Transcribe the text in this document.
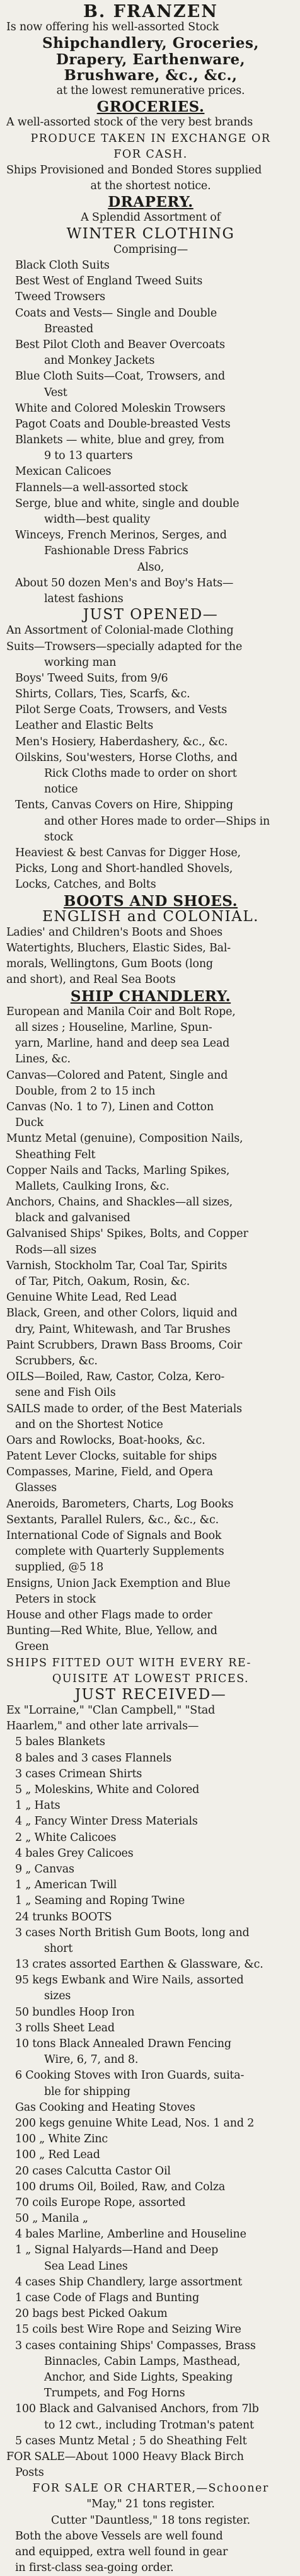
B. FRANZEN
Is now offering his well-assorted Stock
Shipchandlery, Groceries,
Drapery, Earthenware,
Brushware, &c., &c.,
at the lowest remunerative prices.
GROCERIES.
A well-assorted stock of the very best brands
PRODUCE TAKEN IN EXCHANGE OR
FOR CASH.
Ships Provisioned and Bonded Stores supplied
at the shortest notice.
DRAPERY.
A Splendid Assortment of
WINTER CLOTHING
Comprising—
Black Cloth Suits
Best West of England Tweed Suits
Tweed Trowsers
Coats and Vests— Single and Double
Breasted
Best Pilot Cloth and Beaver Overcoats
and Monkey Jackets
Blue Cloth Suits—Coat, Trowsers, and
Vest
White and Colored Moleskin Trowsers
Pagot Coats and Double-breasted Vests
Blankets — white, blue and grey, from
9 to 13 quarters
Mexican Calicoes
Flannels—a well-assorted stock
Serge, blue and white, single and double
width—best quality
Winceys, French Merinos, Serges, and
Fashionable Dress Fabrics
Also,
About 50 dozen Men's and Boy's Hats—
latest fashions
JUST OPENED—
An Assortment of Colonial-made Clothing
Suits—Trowsers—specially adapted for the
working man
Boys' Tweed Suits, from 9/6
Shirts, Collars, Ties, Scarfs, &c.
Pilot Serge Coats, Trowsers, and Vests
Leather and Elastic Belts
Men's Hosiery, Haberdashery, &c., &c.
Oilskins, Sou'westers, Horse Cloths, and
Rick Cloths made to order on short
notice
Tents, Canvas Covers on Hire, Shipping
and other Hores made to order—Ships in
stock
Heaviest & best Canvas for Digger Hose,
Picks, Long and Short-handled Shovels,
Locks, Catches, and Bolts
BOOTS AND SHOES.
ENGLISH and COLONIAL.
Ladies' and Children's Boots and Shoes
Watertights, Bluchers, Elastic Sides, Bal-
morals, Wellingtons, Gum Boots (long
and short), and Real Sea Boots
SHIP CHANDLERY.
European and Manila Coir and Bolt Rope,
all sizes ; Houseline, Marline, Spun-
yarn, Marline, hand and deep sea Lead
Lines, &c.
Canvas—Colored and Patent, Single and
Double, from 2 to 15 inch
Canvas (No. 1 to 7), Linen and Cotton
Duck
Muntz Metal (genuine), Composition Nails,
Sheathing Felt
Copper Nails and Tacks, Marling Spikes,
Mallets, Caulking Irons, &c.
Anchors, Chains, and Shackles—all sizes,
black and galvanised
Galvanised Ships' Spikes, Bolts, and Copper
Rods—all sizes
Varnish, Stockholm Tar, Coal Tar, Spirits
of Tar, Pitch, Oakum, Rosin, &c.
Genuine White Lead, Red Lead
Black, Green, and other Colors, liquid and
dry, Paint, Whitewash, and Tar Brushes
Paint Scrubbers, Drawn Bass Brooms, Coir
Scrubbers, &c.
OILS—Boiled, Raw, Castor, Colza, Kero-
sene and Fish Oils
SAILS made to order, of the Best Materials
and on the Shortest Notice
Oars and Rowlocks, Boat-hooks, &c.
Patent Lever Clocks, suitable for ships
Compasses, Marine, Field, and Opera
Glasses
Aneroids, Barometers, Charts, Log Books
Sextants, Parallel Rulers, &c., &c., &c.
International Code of Signals and Book
complete with Quarterly Supplements
supplied, @5 18
Ensigns, Union Jack Exemption and Blue
Peters in stock
House and other Flags made to order
Bunting—Red White, Blue, Yellow, and
Green
SHIPS FITTED OUT WITH EVERY RE-
QUISITE AT LOWEST PRICES.
JUST RECEIVED—
Ex "Lorraine," "Clan Campbell," "Stad
Haarlem," and other late arrivals—
5 bales Blankets
8 bales and 3 cases Flannels
3 cases Crimean Shirts
5 „ Moleskins, White and Colored
1 „ Hats
4 „ Fancy Winter Dress Materials
2 „ White Calicoes
4 bales Grey Calicoes
9 „ Canvas
1 „ American Twill
1 „ Seaming and Roping Twine
24 trunks BOOTS
3 cases North British Gum Boots, long and
short
13 crates assorted Earthen & Glassware, &c.
95 kegs Ewbank and Wire Nails, assorted
sizes
50 bundles Hoop Iron
3 rolls Sheet Lead
10 tons Black Annealed Drawn Fencing
Wire, 6, 7, and 8.
6 Cooking Stoves with Iron Guards, suita-
ble for shipping
Gas Cooking and Heating Stoves
200 kegs genuine White Lead, Nos. 1 and 2
100 „ White Zinc
100 „ Red Lead
20 cases Calcutta Castor Oil
100 drums Oil, Boiled, Raw, and Colza
70 coils Europe Rope, assorted
50 „ Manila „
4 bales Marline, Amberline and Houseline
1 „ Signal Halyards—Hand and Deep
Sea Lead Lines
4 cases Ship Chandlery, large assortment
1 case Code of Flags and Bunting
20 bags best Picked Oakum
15 coils best Wire Rope and Seizing Wire
3 cases containing Ships' Compasses, Brass
Binnacles, Cabin Lamps, Masthead,
Anchor, and Side Lights, Speaking
Trumpets, and Fog Horns
100 Black and Galvanised Anchors, from 7lb
to 12 cwt., including Trotman's patent
5 cases Muntz Metal ; 5 do Sheathing Felt
FOR SALE—About 1000 Heavy Black Birch
Posts
FOR SALE OR CHARTER,—Schooner
"May," 21 tons register.
Cutter "Dauntless," 18 tons register.
Both the above Vessels are well found
and equipped, extra well found in gear
in first-class sea-going order.
